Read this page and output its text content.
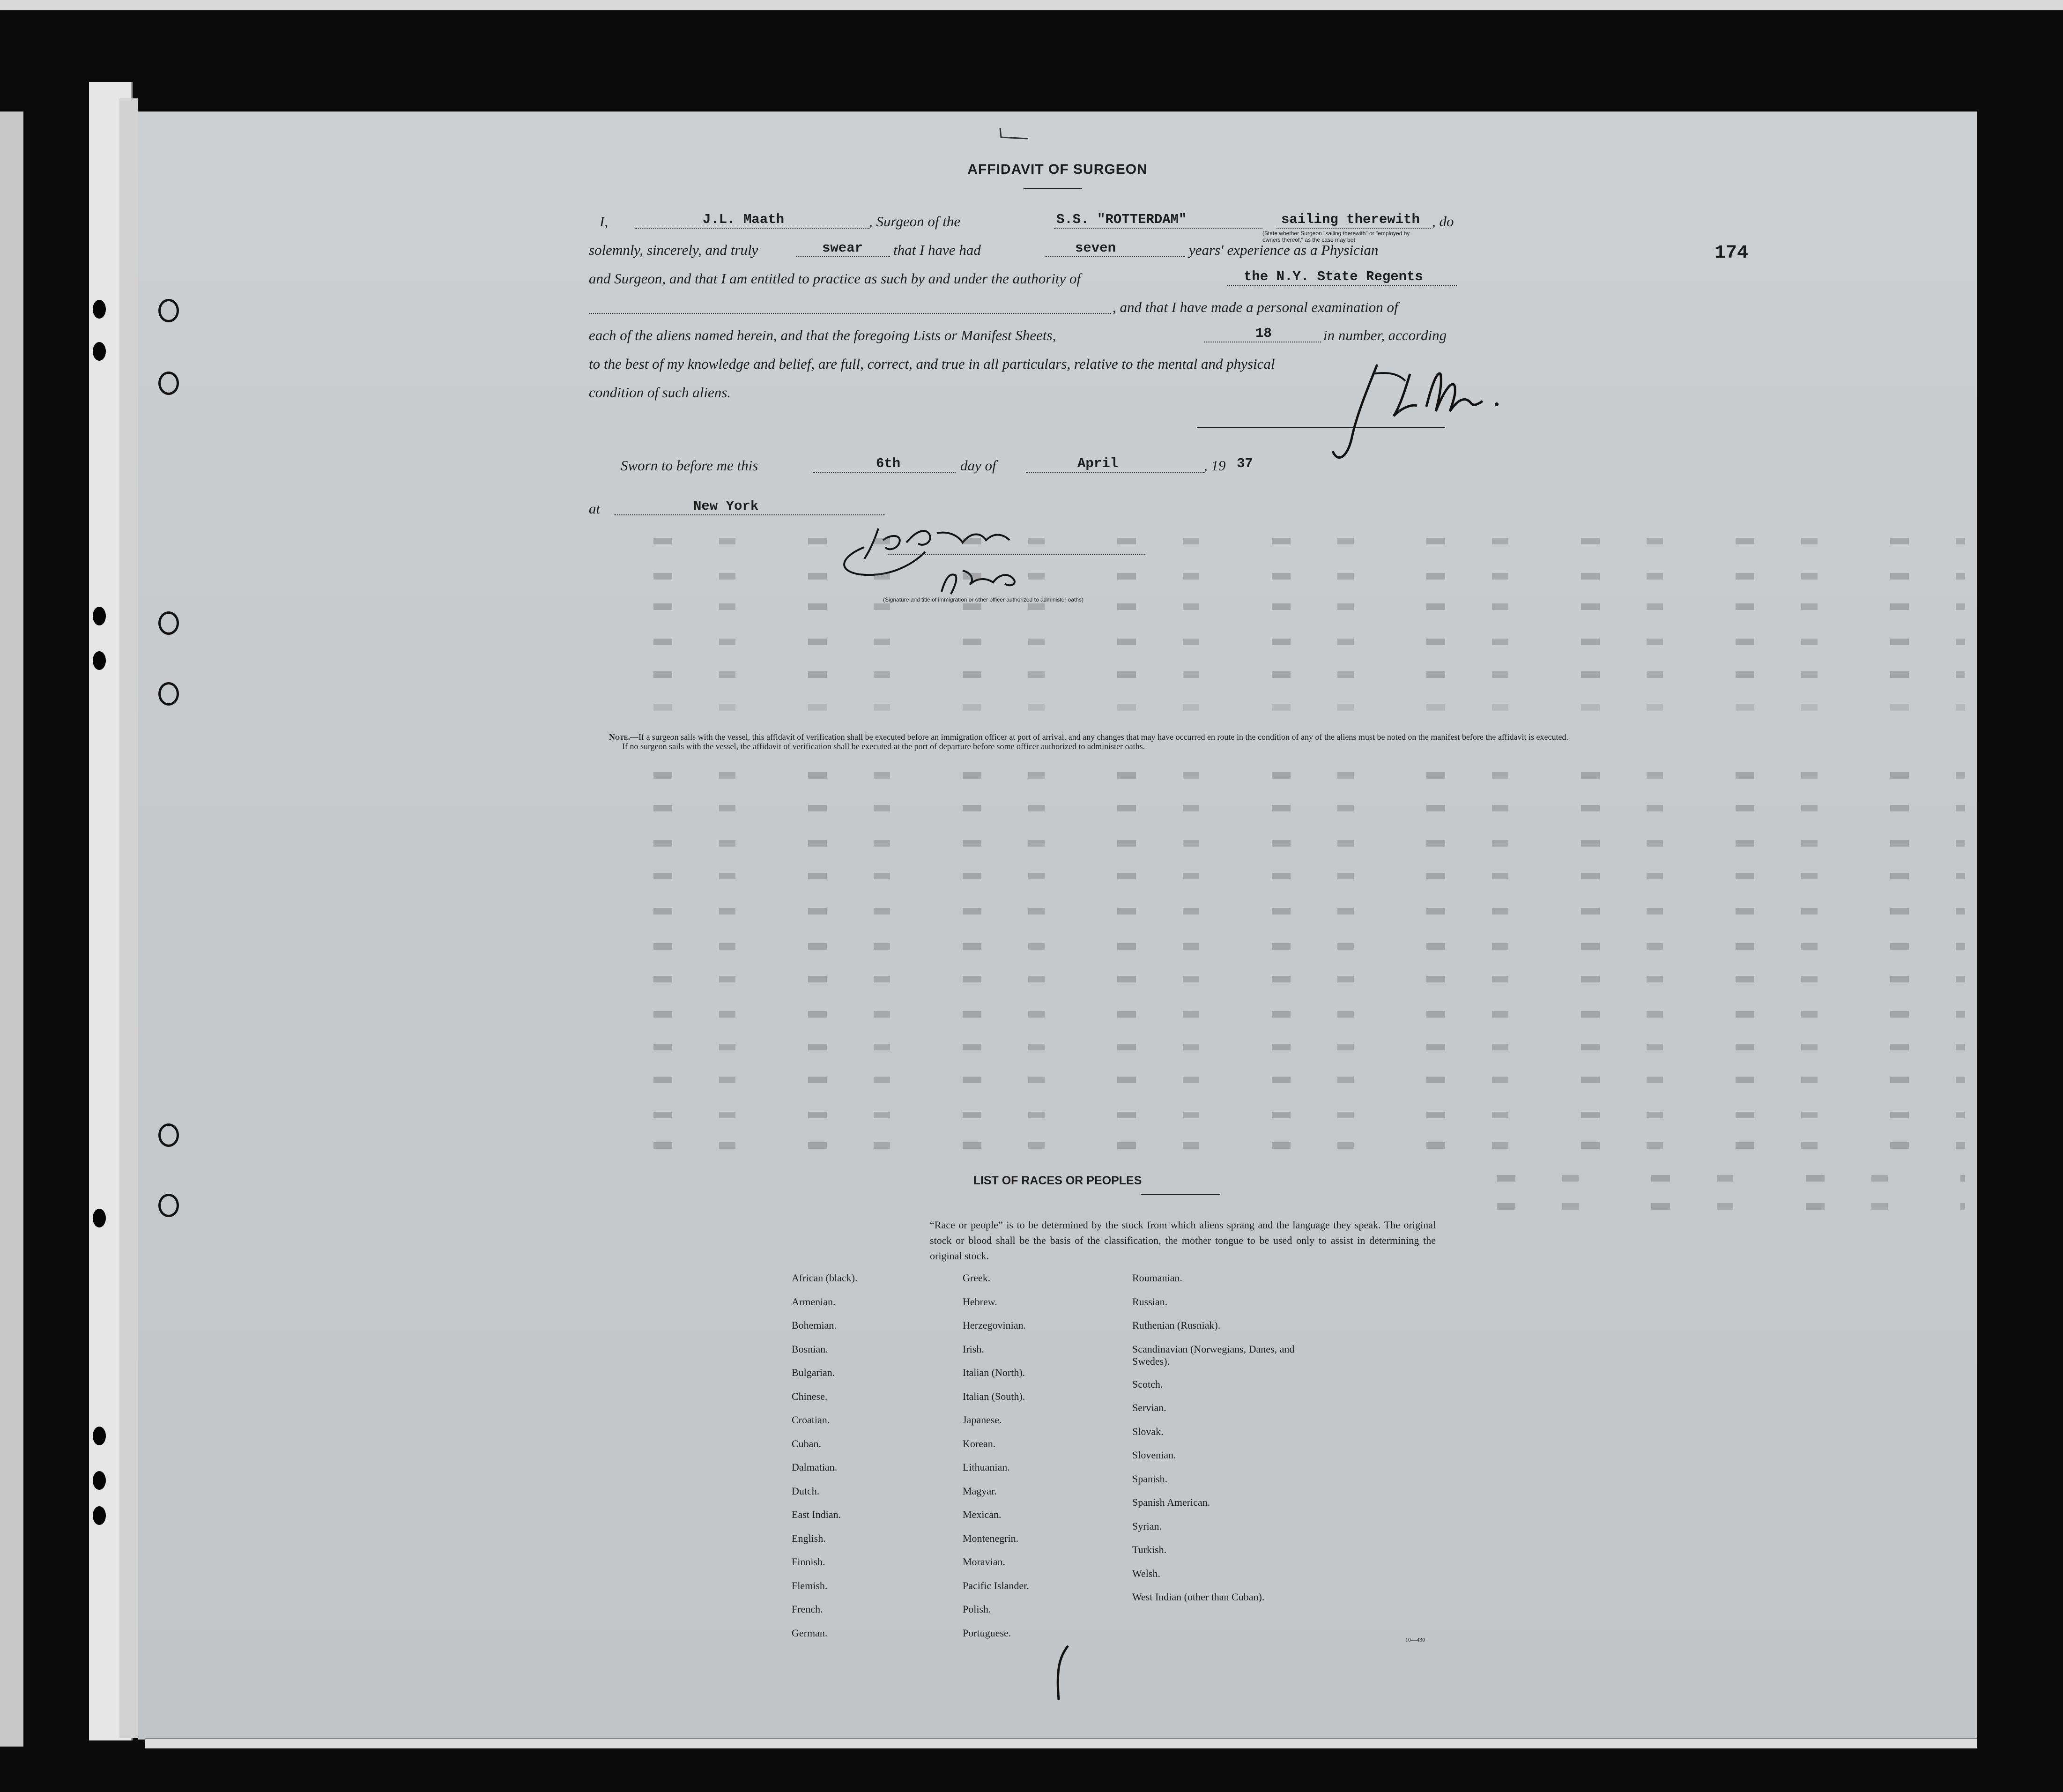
174
AFFIDAVIT OF SURGEON
I,	J.L. Maath	, Surgeon of the	S.S. "ROTTERDAM"	sailing therewith , do
(State whether Surgeon "sailing therewith" or "employed by owners thereof," as the case may be)
solemnly, sincerely, and truly	swear that I have had	seven	years' experience as a Physician
and Surgeon, and that I am entitled to practice as such by and under the authority of	the N.Y. State Regents
, and that I have made a personal examination of
each of the aliens named herein, and that the foregoing Lists or Manifest Sheets,	18	in number, according
to the best of my knowledge and belief, are full, correct, and true in all particulars, relative to the mental and physical
condition of such aliens.
Sworn to before me this	6th	day of	April	, 19 37
at	New York
(Signature and title of immigration or other officer authorized to administer oaths)
Note.—If a surgeon sails with the vessel, this affidavit of verification shall be executed before an immigration officer at port of arrival, and any changes that may have occurred en route in the condition of any of the aliens must be noted on the manifest before the affidavit is executed.
If no surgeon sails with the vessel, the affidavit of verification shall be executed at the port of departure before some officer authorized to administer oaths.
LIST OF RACES OR PEOPLES
“Race or people” is to be determined by the stock from which aliens sprang and the language they speak. The original stock or blood shall be the basis of the classification, the mother tongue to be used only to assist in determining the original stock.
African (black).
Armenian.
Bohemian.
Bosnian.
Bulgarian.
Chinese.
Croatian.
Cuban.
Dalmatian.
Dutch.
East Indian.
English.
Finnish.
Flemish.
French.
German.
Greek.
Hebrew.
Herzegovinian.
Irish.
Italian (North).
Italian (South).
Japanese.
Korean.
Lithuanian.
Magyar.
Mexican.
Montenegrin.
Moravian.
Pacific Islander.
Polish.
Portuguese.
Roumanian.
Russian.
Ruthenian (Rusniak).
Scandinavian (Norwegians, Danes, and Swedes).
Scotch.
Servian.
Slovak.
Slovenian.
Spanish.
Spanish American.
Syrian.
Turkish.
Welsh.
West Indian (other than Cuban).
10—430
